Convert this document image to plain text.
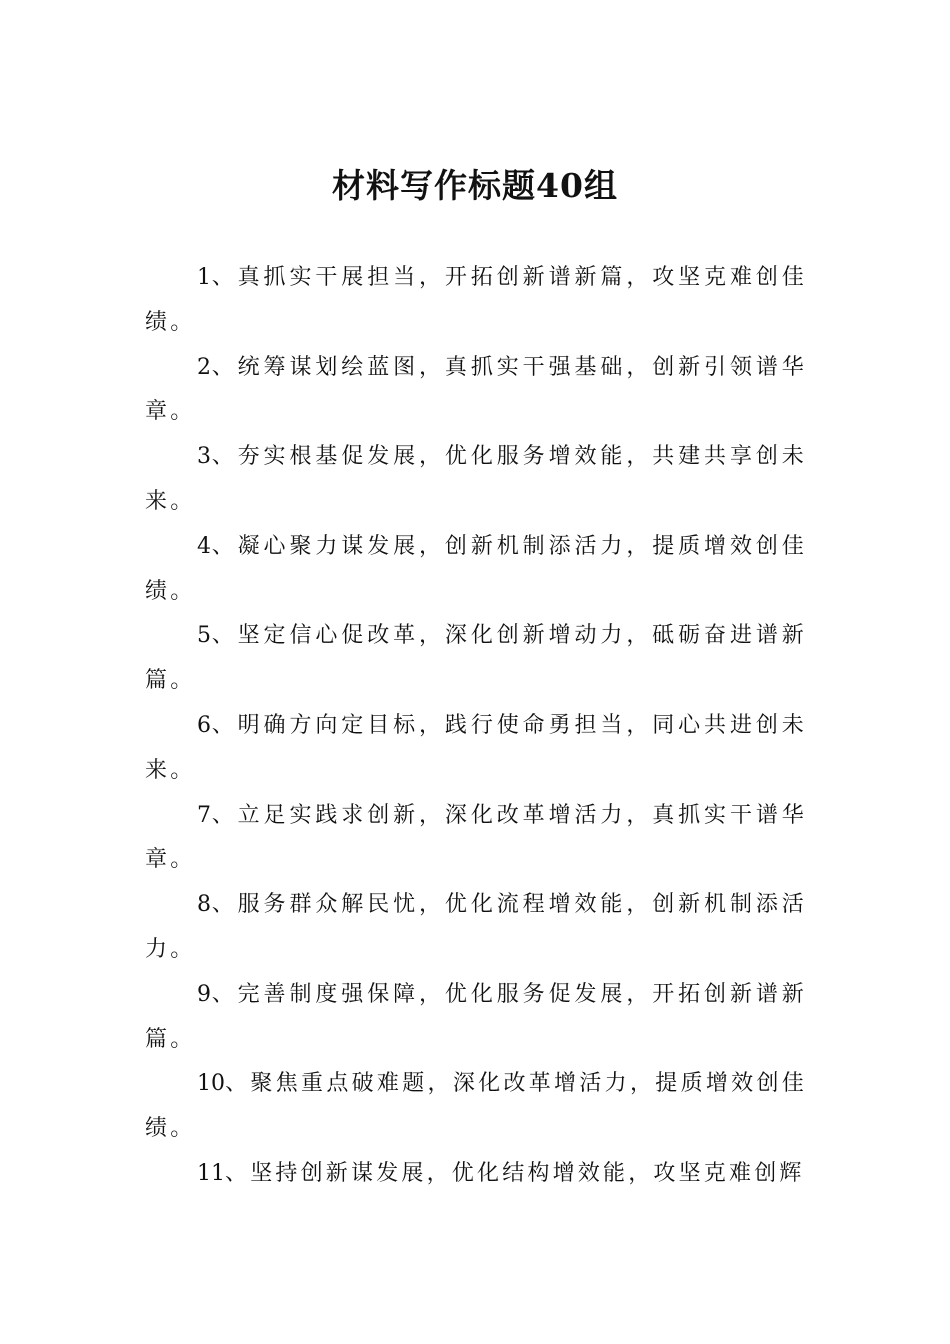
材料写作标题40组

1、真抓实干展担当，开拓创新谱新篇，攻坚克难创佳绩。

2、统筹谋划绘蓝图，真抓实干强基础，创新引领谱华章。

3、夯实根基促发展，优化服务增效能，共建共享创未来。

4、凝心聚力谋发展，创新机制添活力，提质增效创佳绩。

5、坚定信心促改革，深化创新增动力，砥砺奋进谱新篇。

6、明确方向定目标，践行使命勇担当，同心共进创未来。

7、立足实践求创新，深化改革增活力，真抓实干谱华章。

8、服务群众解民忧，优化流程增效能，创新机制添活力。

9、完善制度强保障，优化服务促发展，开拓创新谱新篇。

10、聚焦重点破难题，深化改革增活力，提质增效创佳绩。

11、坚持创新谋发展，优化结构增效能，攻坚克难创辉
